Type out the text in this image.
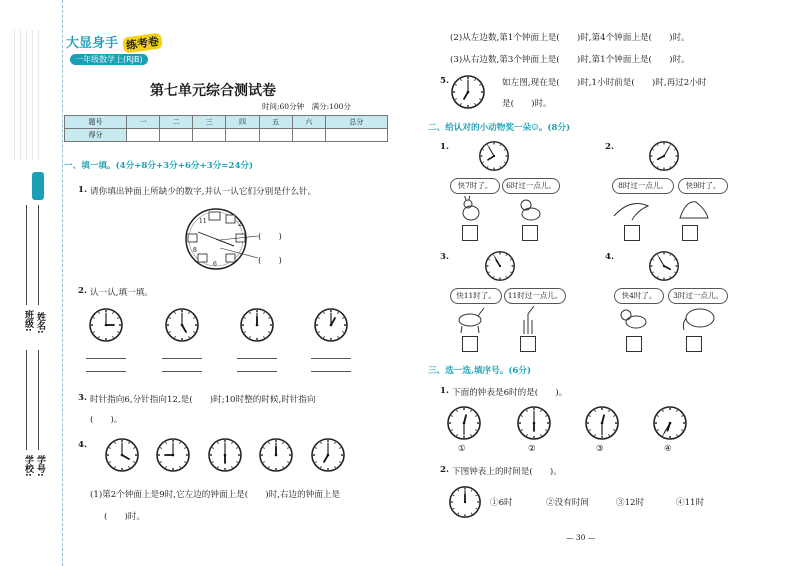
班级: 姓名:
学校: 学号:
大显身手 练考卷
一年级数学上(RJB)
第七单元综合测试卷
时间:60分钟　满分:100分
题号	一	二	三	四	五	六	总分
得分							
一、填一填。(4分+8分+3分+6分+3分=24分)
1. 请你填出钟面上所缺少的数字,并认一认它们分别是什么针。
11	2
6
8
(　　)
(　　)
2. 认一认,填一填。
3. 时针指向6,分针指向12,是(　　)时;10时整的时候,时针指向
(　　)。
4.
(1)第2个钟面上是9时,它左边的钟面上是(　　)时,右边的钟面上是
(　　)时。
(2)从左边数,第1个钟面上是(　　)时,第4个钟面上是(　　)时。
(3)从右边数,第3个钟面上是(　　)时,第1个钟面上是(　　)时。
5.	如左图,现在是(　　)时,1小时前是(　　)时,再过2小时
是(　　)时。
二、给认对的小动物奖一朵☺。(8分)
1.
快7时了。	6时过一点儿。
2.
8时过一点儿。	快9时了。
3.
快11时了。	11时过一点儿。
4.
快4时了。	3时过一点儿。
三、选一选,填序号。(6分)
1. 下面的钟表是6时的是(　　)。
①	②	③	④
2. 下图钟表上的时间是(　　)。
①6时	②没有时间	③12时	④11时
— 30 —
